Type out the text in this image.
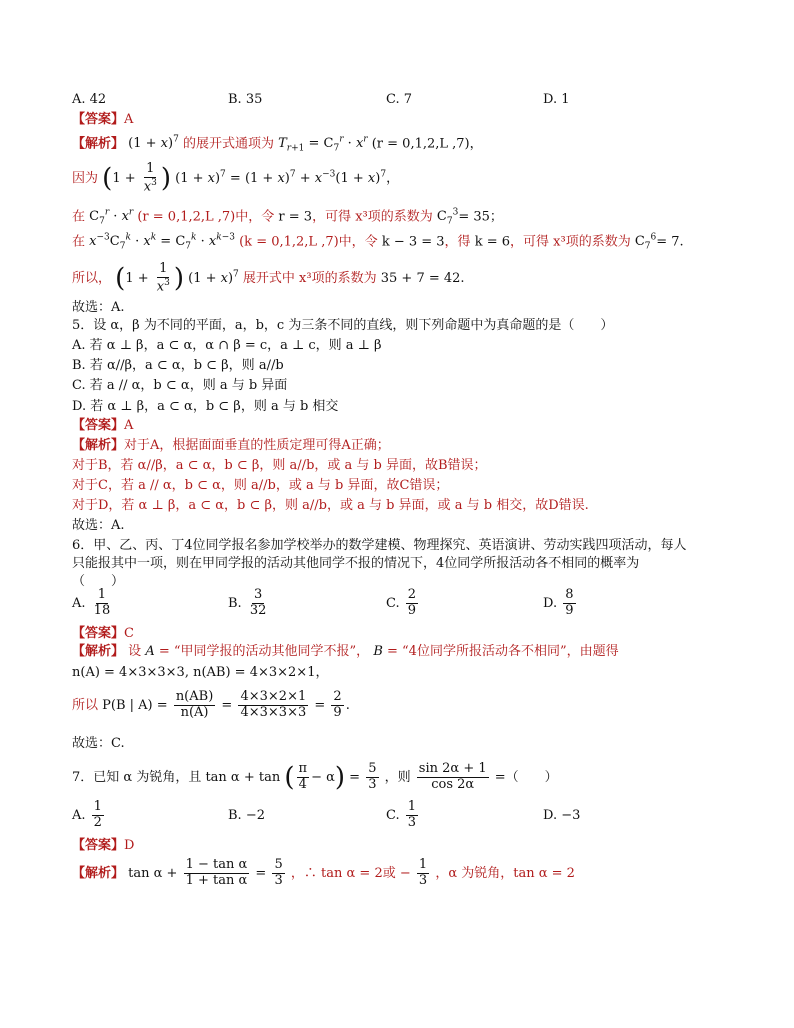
A. 42	B. 35	C. 7	D. 1
【答案】A
【解析】 $(1 + x)^7$ 的展开式通项为 $T_{r+1} = C_7^r \cdot x^r$ (r = 0,1,2,L ,7)，
因为 ($1 + \frac{1}{x^3}$ ) $(1 + x)^7 = (1 + x)^7 + x^{-3}(1 + x)^7$，
在 $C_7^r \cdot x^r$ (r = 0,1,2,L ,7)中，令 r = 3，可得 x³项的系数为 $C_7^3= 35$；
在 $x^{-3}C_7^k \cdot x^k = C_7^k \cdot x^{k-3}$ (k = 0,1,2,L ,7)中，令 k − 3 = 3，得 k = 6，可得 x³项的系数为 $C_7^6= 7$.
所以， ($1 + \frac{1}{x^3}$ ) $(1 + x)^7$ 展开式中 x³项的系数为 35 + 7 = 42.
故选：A.
5．设 α，β 为不同的平面，a，b，c 为三条不同的直线，则下列命题中为真命题的是（　　）
A. 若 α ⊥ β，a ⊂ α，α ∩ β = c，a ⊥ c，则 a ⊥ β
B. 若 α//β，a ⊂ α，b ⊂ β，则 a//b
C. 若 a // α，b ⊂ α，则 a 与 b 异面
D. 若 α ⊥ β，a ⊂ α，b ⊂ β，则 a 与 b 相交
【答案】A
【解析】对于A，根据面面垂直的性质定理可得A正确；
对于B，若 α//β，a ⊂ α，b ⊂ β，则 a//b，或 a 与 b 异面，故B错误；
对于C，若 a // α，b ⊂ α，则 a//b，或 a 与 b 异面，故C错误；
对于D，若 α ⊥ β，a ⊂ α，b ⊂ β，则 a//b，或 a 与 b 异面，或 a 与 b 相交，故D错误.
故选：A.
6．甲、乙、丙、丁4位同学报名参加学校举办的数学建模、物理探究、英语演讲、劳动实践四项活动，每人
只能报其中一项，则在甲同学报的活动其他同学不报的情况下，4位同学所报活动各不相同的概率为
（　　）
A. $\frac{1}{18}$	B. $\frac{3}{32}$	C. $\frac{2}{9}$	D. $\frac{8}{9}$
【答案】C
【解析】 设 A = “甲同学报的活动其他同学不报”， B = “4位同学所报活动各不相同”，由题得
n(A) = 4×3×3×3, n(AB) = 4×3×2×1，
所以 P(B | $A) = \frac{n(AB)}{n(A)} = \frac{4\times 3\times 2\times 1}{4\times 3\times 3\times 3} = \frac{2}{9}$ .
故选：C.
7．已知 α 为锐角，且 tan α + tan ( $\frac{\pi}{4} - \alpha) = \frac{5}{3}$ ，则 $\frac{\sin 2\alpha + 1}{\cos 2\alpha}$ =（　　）
A. $\frac{1}{2}$	B. −2	C. $\frac{1}{3}$	D. −3
【答案】D
【解析】 $\tan \alpha + \frac{\text{1 − tan α}}{\text{1 + tan α}} = \frac{5}{3}$ ，∴ tan α = 2或 − $\frac{1}{3}$ ，α 为锐角，tan α = 2
